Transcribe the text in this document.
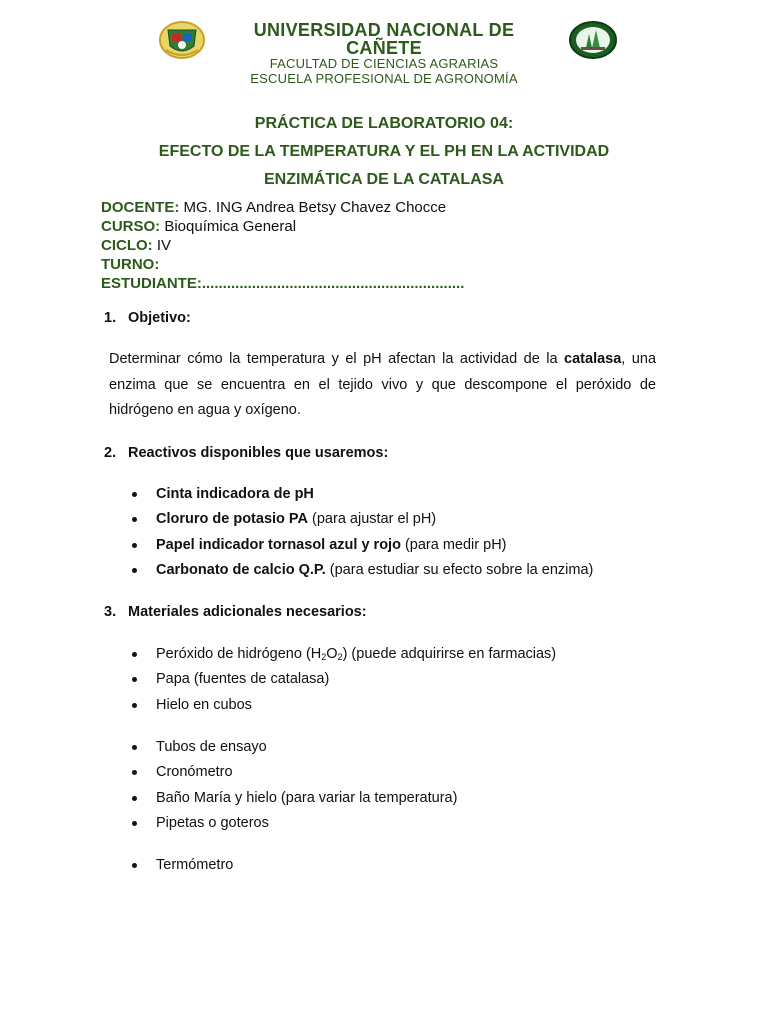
UNIVERSIDAD NACIONAL DE
CAÑETE
FACULTAD DE CIENCIAS AGRARIAS
ESCUELA PROFESIONAL DE AGRONOMÍA
PRÁCTICA DE LABORATORIO 04:
EFECTO DE LA TEMPERATURA Y EL PH EN LA ACTIVIDAD
ENZIMÁTICA DE LA CATALASA
DOCENTE: MG. ING Andrea Betsy Chavez Chocce
CURSO: Bioquímica General
CICLO: IV
TURNO:
ESTUDIANTE:...............................................................
1. Objetivo:
Determinar cómo la temperatura y el pH afectan la actividad de la catalasa, una enzima que se encuentra en el tejido vivo y que descompone el peróxido de hidrógeno en agua y oxígeno.
2. Reactivos disponibles que usaremos:
Cinta indicadora de pH
Cloruro de potasio PA (para ajustar el pH)
Papel indicador tornasol azul y rojo (para medir pH)
Carbonato de calcio Q.P. (para estudiar su efecto sobre la enzima)
3. Materiales adicionales necesarios:
Peróxido de hidrógeno $(H_2O_2)$ (puede adquirirse en farmacias)
Papa (fuentes de catalasa)
Hielo en cubos
Tubos de ensayo
Cronómetro
Baño María y hielo (para variar la temperatura)
Pipetas o goteros
Termómetro
